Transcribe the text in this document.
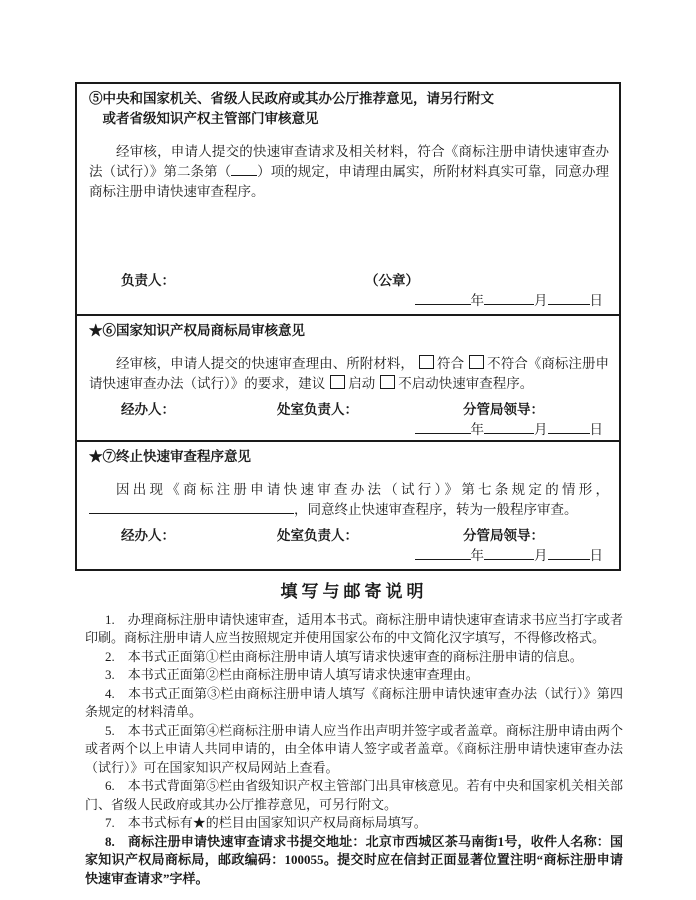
⑤中央和国家机关、省级人民政府或其办公厅推荐意见，请另行附文
或者省级知识产权主管部门审核意见

经审核，申请人提交的快速审查请求及相关材料，符合《商标注册申请快速审查办法（试行）》第二条第（ ）项的规定，申请理由属实，所附材料真实可靠，同意办理商标注册申请快速审查程序。

负责人：	（公章）
年	月	日
★⑥国家知识产权局商标局审核意见

经审核，申请人提交的快速审查理由、所附材料， 符合 不符合《商标注册申请快速审查办法（试行）》的要求，建议 启动 不启动快速审查程序。

经办人：	处室负责人：	分管局领导：
年	月	日
★⑦终止快速审查程序意见

因出现《商标注册申请快速审查办法（试行）》第七条规定的情形，，同意终止快速审查程序，转为一般程序审查。

经办人：	处室负责人：	分管局领导：
年	月	日
填写与邮寄说明

1. 办理商标注册申请快速审查，适用本书式。商标注册申请快速审查请求书应当打字或者印刷。商标注册申请人应当按照规定并使用国家公布的中文简化汉字填写，不得修改格式。

2. 本书式正面第①栏由商标注册申请人填写请求快速审查的商标注册申请的信息。

3. 本书式正面第②栏由商标注册申请人填写请求快速审查理由。

4. 本书式正面第③栏由商标注册申请人填写《商标注册申请快速审查办法（试行）》第四条规定的材料清单。

5. 本书式正面第④栏商标注册申请人应当作出声明并签字或者盖章。商标注册申请由两个或者两个以上申请人共同申请的，由全体申请人签字或者盖章。《商标注册申请快速审查办法（试行）》可在国家知识产权局网站上查看。

6. 本书式背面第⑤栏由省级知识产权主管部门出具审核意见。若有中央和国家机关相关部门、省级人民政府或其办公厅推荐意见，可另行附文。

7. 本书式标有★的栏目由国家知识产权局商标局填写。

8. 商标注册申请快速审查请求书提交地址：北京市西城区茶马南街1号，收件人名称：国家知识产权局商标局，邮政编码：100055。提交时应在信封正面显著位置注明“商标注册申请快速审查请求”字样。
